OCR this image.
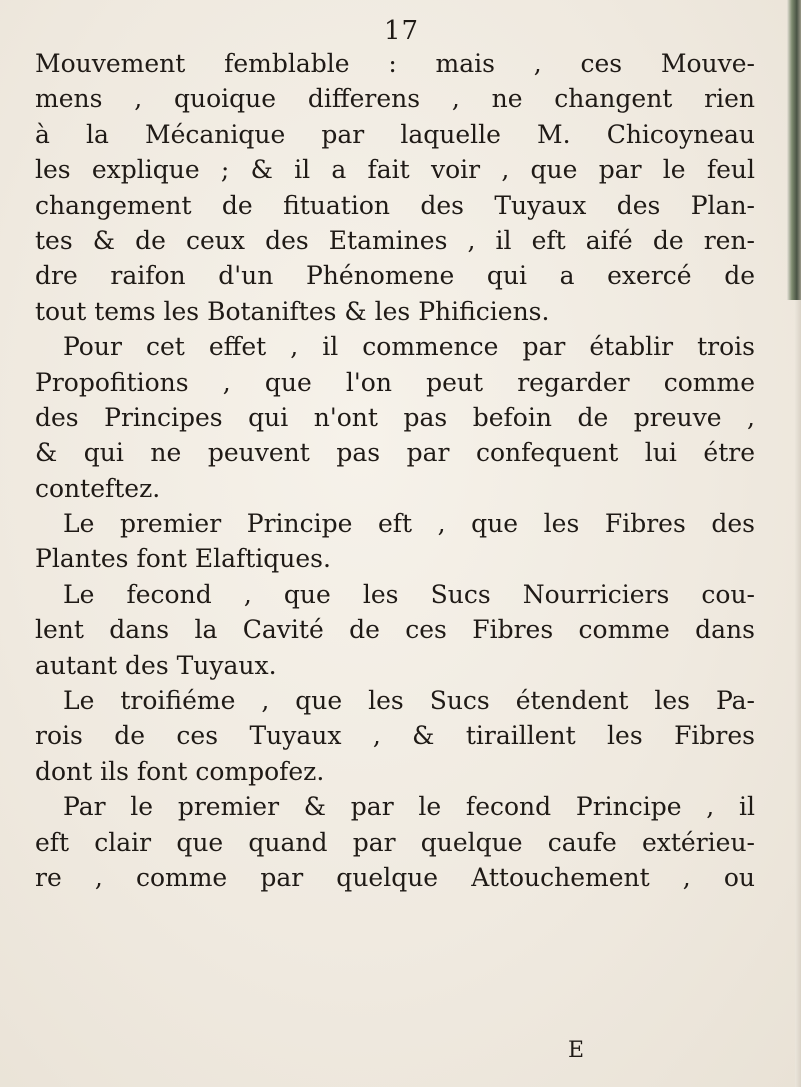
17
Mouvement femblable : mais , ces Mouve-
mens , quoique differens , ne changent rien
à la Mécanique par laquelle M. Chicoyneau
les explique ; & il a fait voir , que par le feul
changement de fituation des Tuyaux des Plan-
tes & de ceux des Etamines , il eft aifé de ren-
dre raifon d'un Phénomene qui a exercé de
tout tems les Botaniftes & les Phificiens.
Pour cet effet , il commence par établir trois
Propofitions , que l'on peut regarder comme
des Principes qui n'ont pas befoin de preuve ,
& qui ne peuvent pas par confequent lui étre
conteftez.
Le premier Principe eft , que les Fibres des
Plantes font Elaftiques.
Le fecond , que les Sucs Nourriciers cou-
lent dans la Cavité de ces Fibres comme dans
autant des Tuyaux.
Le troifiéme , que les Sucs étendent les Pa-
rois de ces Tuyaux , & tiraillent les Fibres
dont ils font compofez.
Par le premier & par le fecond Principe , il
eft clair que quand par quelque caufe extérieu-
re , comme par quelque Attouchement , ou
E
